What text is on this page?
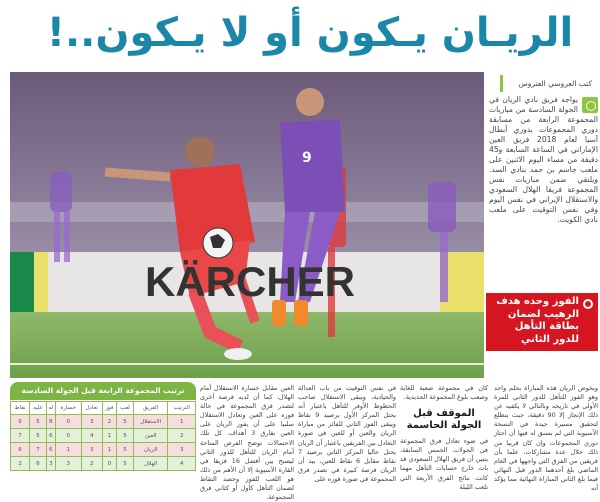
الريـان يـكون أو لا يـكون..!
9
KÄRCHER
كتب العروسي العتروس
يواجه فريق نادي الريان في الجولة السادسة من مباريات المجموعة الرابعة من مسابقة دوري المجموعات بدوري أبطال آسيا لعام 2018 فريق العين الإماراتي في الساعة السابعة و45 دقيقة من مساء اليوم الاثنين على ملعب جاسم بن حمد بنادي السد. ويلتقي ضمن مباريات نفس المجموعة فريقا الهلال السعودي والاستقلال الإيراني في نفس اليوم وفي نفس التوقيت على ملعب نادي الكويت.

الفوز وحده هدف الرهيب لضمان بطاقة التأهل للدور الثاني

ترتيب المجموعة الرابعة قبل الجولة السادسة
الترتيب	الفريق	لعب	فوز	تعادل	خسارة	له	عليه	نقاط
1	الاستقلال	5	2	3	0	8	5	9
2	العين	5	1	4	0	6	5	7
3	الريان	5	1	3	1	6	7	6
4	الهلال	5	0	2	3	3	6	2
ويخوض الريان هذه المباراة بحلم واحد وهو الفوز للتأهل للدور الثاني للمرة الأولى في تاريخه وبالتالي لا يكفيه عن ذلك الإنجاز إلا 90 دقيقة، حيث يتطلع لتحقيق مسيرة جيدة في النسخة الآسيوية التي لم يسبق له فيها أن اجتاز دوري المجموعات وإن كان قريبا من ذلك خلال عدة مشاركات، علما بأن فريقين من الفرق التي واجهها في العام الماضي بلغ أحدهما الدور قبل النهائي فيما بلغ الثاني المباراة النهائية مما يؤكد أنه

كان في مجموعة صعبة للغاية وصعب بلوغ المجموعة الحديدية.

الموقف قبل الجولة الحاسمة

في ضوء تعادل فرق المجموعة في الجولات الخمس السابقة، يتبين أن فريق الهلال السعودي قد بات خارج حسابات التأهل مهما كانت نتائج الفرق الأربعة التي تلعب الليلة

في نفس التوقيت من باب العدالة والحيادية، ويبقى الاستقلال صاحب الحظوظ الأوفر للتأهل باعتبار أنه يحتل المركز الأول برصيد 9 نقاط ويبقى الفوز الثاني للفائز من مباراة الريان والعين أو للعين في صورة التعادل بين الفريقين باعتبار أن الريان يحتل حاليا المركز الثاني برصيد 7 نقاط مقابل 6 نقاط للعين، بيد أن الريان فرصة كبيرة في تصدر فرق المجموعة في صورة فوزه على
العين مقابل خسارة الاستقلال أمام الهلال، كما أن لديه فرصة أخرى لتصدر فرق المجموعة في حالة فوزه على العين وتعادل الاستقلال سلبيا على أن يفوز الريان على العين بفارق 3 أهداف. كل تلك الاحتمالات توضح الفرص المتاحة أمام الريان للتأهل للدور الثاني ليصبح بين أفضل 16 فريقا في القارة الآسيوية إلا أن الأهم من ذلك هو اللعب للفوز وحصد النقاط لضمان التأهل كأول أو كثاني فرق المجموعة.
